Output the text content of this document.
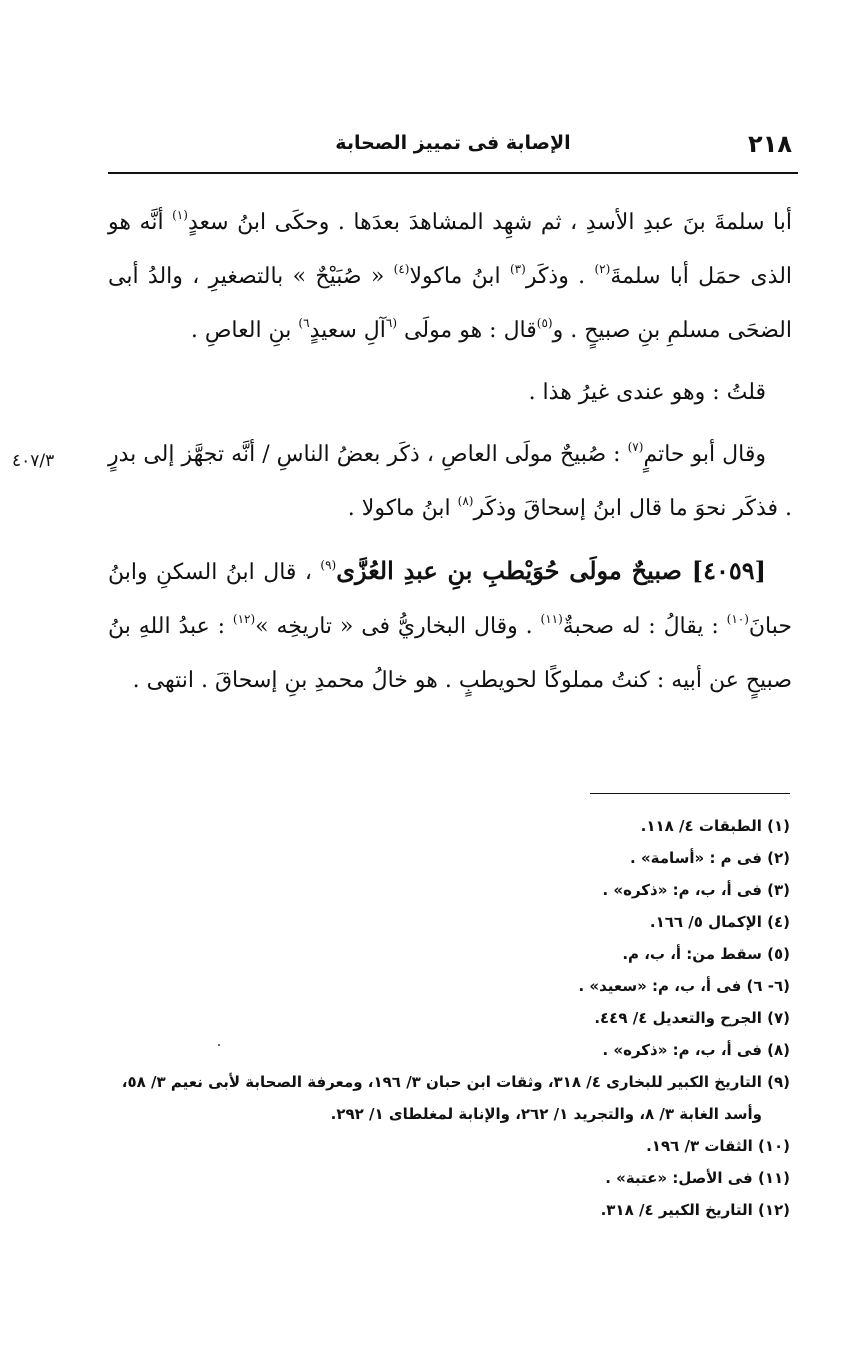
٢١٨
الإصابة فى تمييز الصحابة
٤٠٧/٣

أبا سلمةَ بنَ عبدِ الأسدِ ، ثم شهِد المشاهدَ بعدَها . وحكَى ابنُ سعدٍ$^{(١)}$ أنَّه هو الذى حمَل أبا سلمةَ$^{(٢)}$ . وذكَر$^{(٣)}$ ابنُ ماكولا$^{(٤)}$ « صُبَيْحٌ » بالتصغيرِ ، والدُ أبى الضحَى مسلمِ بنِ صبيحٍ . و$^{(٥)}$قال : هو مولَى $^{(٦}$آلِ سعيدٍ$^{٦)}$ بنِ العاصِ .

قلتُ : وهو عندى غيرُ هذا .

وقال أبو حاتمٍ$^{(٧)}$ : صُبيحٌ مولَى العاصِ ، ذكَر بعضُ الناسِ / أنَّه تجهَّز إلى بدرٍ . فذكَر نحوَ ما قال ابنُ إسحاقَ وذكَر$^{(٨)}$ ابنُ ماكولا .

[٤٠٥٩] صبيحٌ مولَى حُوَيْطبِ بنِ عبدِ العُزَّى$^{(٩)}$ ، قال ابنُ السكنِ وابنُ حبانَ$^{(١٠)}$ : يقالُ : له صحبةٌ$^{(١١)}$ . وقال البخاريُّ فى « تاريخِه »$^{(١٢)}$ : عبدُ اللهِ بنُ صبيحٍ عن أبيه : كنتُ مملوكًا لحويطبٍ . هو خالُ محمدِ بنِ إسحاقَ . انتهى .

(١) الطبقات ٤/ ١١٨.

(٢) فى م : «أسامة» .

(٣) فى أ، ب، م: «ذكره» .

(٤) الإكمال ٥/ ١٦٦.

(٥) سقط من: أ، ب، م.

(٦- ٦) فى أ، ب، م: «سعيد» .

(٧) الجرح والتعديل ٤/ ٤٤٩.

(٨) فى أ، ب، م: «ذكره» .

(٩) التاريخ الكبير للبخارى ٤/ ٣١٨، وثقات ابن حبان ٣/ ١٩٦، ومعرفة الصحابة لأبى نعيم ٣/ ٥٨،

وأسد الغابة ٣/ ٨، والتجريد ١/ ٢٦٢، والإنابة لمغلطاى ١/ ٢٩٢.

(١٠) الثقات ٣/ ١٩٦.

(١١) فى الأصل: «عتبة» .

(١٢) التاريخ الكبير ٤/ ٣١٨.
